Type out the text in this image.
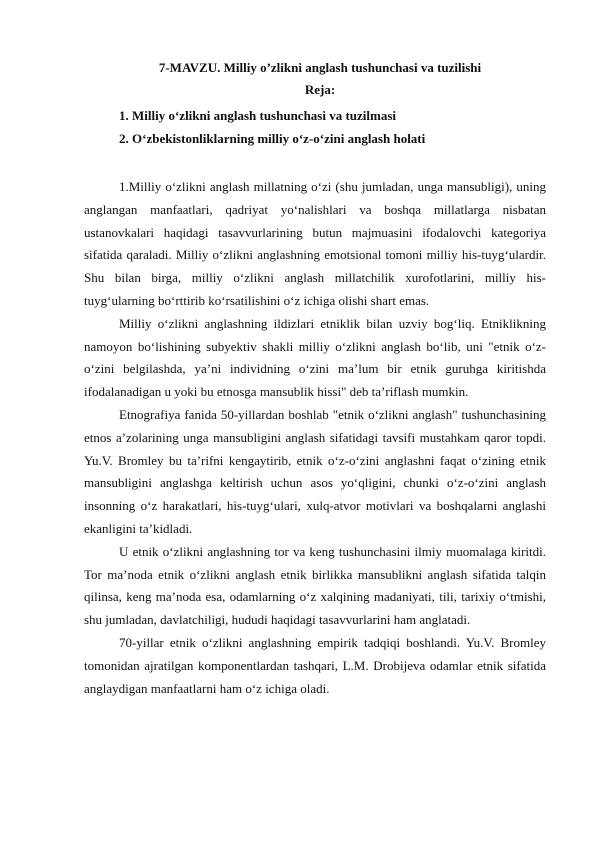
7-MAVZU. Milliy o’zlikni anglash tushunchasi va tuzilishi
Reja:
1. Milliy o‘zlikni anglash tushunchasi va tuzilmasi
2. O‘zbekistonliklarning milliy o‘z-o‘zini anglash holati

1.Milliy o‘zlikni anglash millatning o‘zi (shu jumladan, unga mansubligi), uning anglangan manfaatlari, qadriyat yo‘nalishlari va boshqa millatlarga nisbatan ustanovkalari haqidagi tasavvurlarining butun majmuasini ifodalovchi kategoriya sifatida qaraladi. Milliy o‘zlikni anglashning emotsional tomoni milliy his-tuyg‘ulardir. Shu bilan birga, milliy o‘zlikni anglash millatchilik xurofotlarini, milliy his-tuyg‘ularning bo‘rttirib ko‘rsatilishini o‘z ichiga olishi shart emas.

Milliy o‘zlikni anglashning ildizlari etniklik bilan uzviy bog‘liq. Etniklikning namoyon bo‘lishining subyektiv shakli milliy o‘zlikni anglash bo‘lib, uni "etnik o‘z-o‘zini belgilashda, ya’ni individning o‘zini ma’lum bir etnik guruhga kiritishda ifodalanadigan u yoki bu etnosga mansublik hissi" deb ta’riflash mumkin.

Etnografiya fanida 50-yillardan boshlab "etnik o‘zlikni anglash" tushunchasining etnos a’zolarining unga mansubligini anglash sifatidagi tavsifi mustahkam qaror topdi. Yu.V. Bromley bu ta’rifni kengaytirib, etnik o‘z-o‘zini anglashni faqat o‘zining etnik mansubligini anglashga keltirish uchun asos yo‘qligini, chunki o‘z-o‘zini anglash insonning o‘z harakatlari, his-tuyg‘ulari, xulq-atvor motivlari va boshqalarni anglashi ekanligini ta’kidladi.

U etnik o‘zlikni anglashning tor va keng tushunchasini ilmiy muomalaga kiritdi. Tor ma’noda etnik o‘zlikni anglash etnik birlikka mansublikni anglash sifatida talqin qilinsa, keng ma’noda esa, odamlarning o‘z xalqining madaniyati, tili, tarixiy o‘tmishi, shu jumladan, davlatchiligi, hududi haqidagi tasavvurlarini ham anglatadi.

70-yillar etnik o‘zlikni anglashning empirik tadqiqi boshlandi. Yu.V. Bromley tomonidan ajratilgan komponentlardan tashqari, L.M. Drobijeva odamlar etnik sifatida anglaydigan manfaatlarni ham o‘z ichiga oladi.
